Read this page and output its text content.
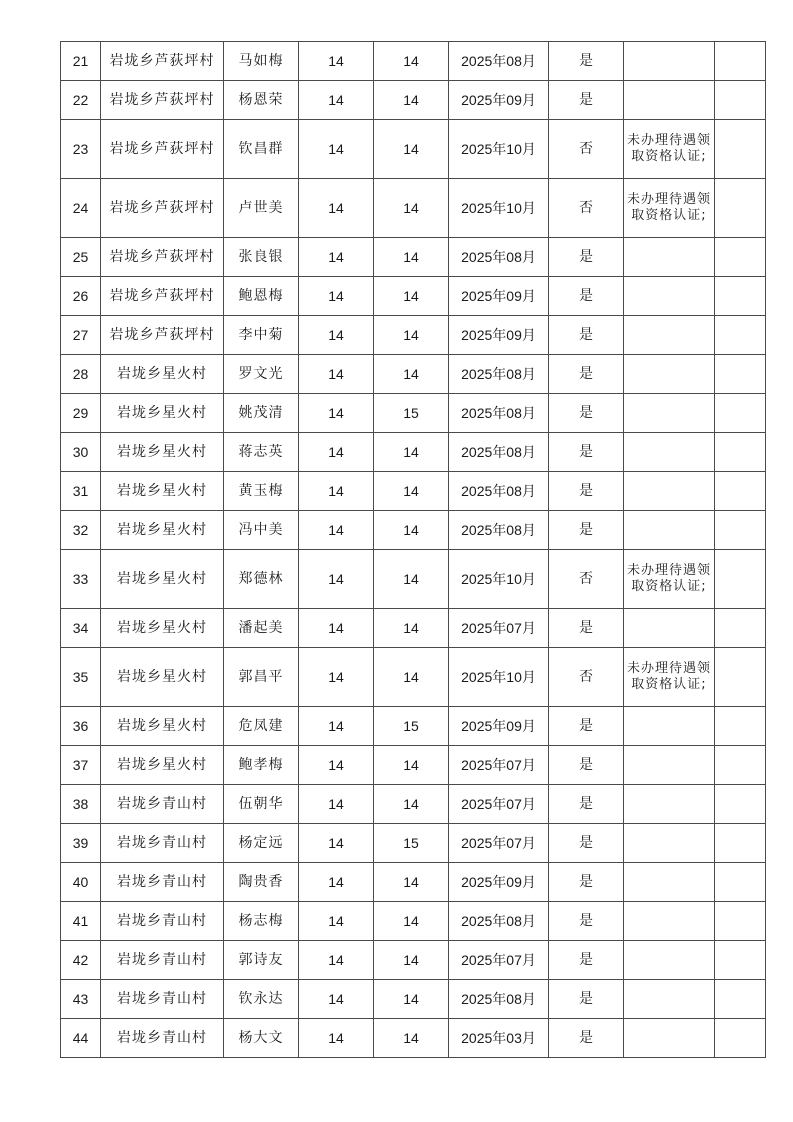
21	岩垅乡芦荻坪村	马如梅	14	14	2025年08月	是		
22	岩垅乡芦荻坪村	杨恩荣	14	14	2025年09月	是		
23	岩垅乡芦荻坪村	钦昌群	14	14	2025年10月	否	未办理待遇领取资格认证;	
24	岩垅乡芦荻坪村	卢世美	14	14	2025年10月	否	未办理待遇领取资格认证;	
25	岩垅乡芦荻坪村	张良银	14	14	2025年08月	是		
26	岩垅乡芦荻坪村	鲍恩梅	14	14	2025年09月	是		
27	岩垅乡芦荻坪村	李中菊	14	14	2025年09月	是		
28	岩垅乡星火村	罗文光	14	14	2025年08月	是		
29	岩垅乡星火村	姚茂清	14	15	2025年08月	是		
30	岩垅乡星火村	蒋志英	14	14	2025年08月	是		
31	岩垅乡星火村	黄玉梅	14	14	2025年08月	是		
32	岩垅乡星火村	冯中美	14	14	2025年08月	是		
33	岩垅乡星火村	郑德林	14	14	2025年10月	否	未办理待遇领取资格认证;	
34	岩垅乡星火村	潘起美	14	14	2025年07月	是		
35	岩垅乡星火村	郭昌平	14	14	2025年10月	否	未办理待遇领取资格认证;	
36	岩垅乡星火村	危凤建	14	15	2025年09月	是		
37	岩垅乡星火村	鲍孝梅	14	14	2025年07月	是		
38	岩垅乡青山村	伍朝华	14	14	2025年07月	是		
39	岩垅乡青山村	杨定远	14	15	2025年07月	是		
40	岩垅乡青山村	陶贵香	14	14	2025年09月	是		
41	岩垅乡青山村	杨志梅	14	14	2025年08月	是		
42	岩垅乡青山村	郭诗友	14	14	2025年07月	是		
43	岩垅乡青山村	钦永达	14	14	2025年08月	是		
44	岩垅乡青山村	杨大文	14	14	2025年03月	是		
